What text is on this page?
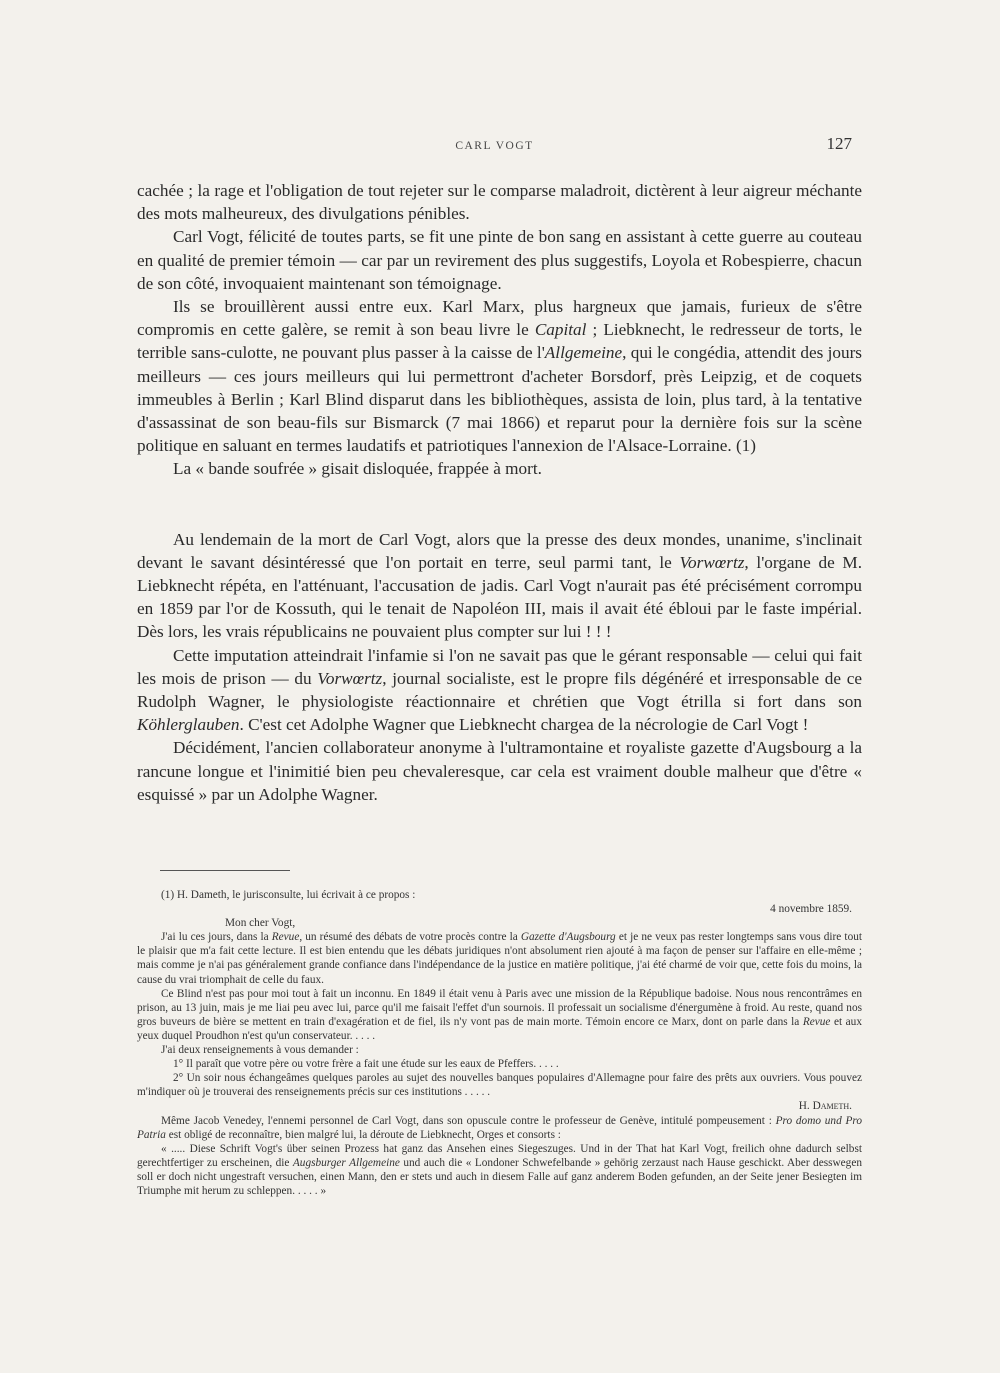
CARL VOGT	127

cachée ; la rage et l'obligation de tout rejeter sur le comparse maladroit, dictèrent à leur aigreur méchante des mots malheureux, des divulgations pénibles.

Carl Vogt, félicité de toutes parts, se fit une pinte de bon sang en assistant à cette guerre au couteau en qualité de premier témoin — car par un revirement des plus suggestifs, Loyola et Robespierre, chacun de son côté, invoquaient maintenant son témoignage.

Ils se brouillèrent aussi entre eux. Karl Marx, plus hargneux que jamais, furieux de s'être compromis en cette galère, se remit à son beau livre le Capital ; Liebknecht, le redresseur de torts, le terrible sans-culotte, ne pouvant plus passer à la caisse de l'Allgemeine, qui le congédia, attendit des jours meilleurs — ces jours meilleurs qui lui permettront d'acheter Borsdorf, près Leipzig, et de coquets immeubles à Berlin ; Karl Blind disparut dans les bibliothèques, assista de loin, plus tard, à la tentative d'assassinat de son beau-fils sur Bismarck (7 mai 1866) et reparut pour la dernière fois sur la scène politique en saluant en termes laudatifs et patriotiques l'annexion de l'Alsace-Lorraine. (1)

La « bande soufrée » gisait disloquée, frappée à mort.

Au lendemain de la mort de Carl Vogt, alors que la presse des deux mondes, unanime, s'inclinait devant le savant désintéressé que l'on portait en terre, seul parmi tant, le Vorwœrtz, l'organe de M. Liebknecht répéta, en l'atténuant, l'accusation de jadis. Carl Vogt n'aurait pas été précisément corrompu en 1859 par l'or de Kossuth, qui le tenait de Napoléon III, mais il avait été ébloui par le faste impérial. Dès lors, les vrais républicains ne pouvaient plus compter sur lui ! ! !

Cette imputation atteindrait l'infamie si l'on ne savait pas que le gérant responsable — celui qui fait les mois de prison — du Vorwœrtz, journal socialiste, est le propre fils dégénéré et irresponsable de ce Rudolph Wagner, le physiologiste réactionnaire et chrétien que Vogt étrilla si fort dans son Köhlerglauben. C'est cet Adolphe Wagner que Liebknecht chargea de la nécrologie de Carl Vogt !

Décidément, l'ancien collaborateur anonyme à l'ultramontaine et royaliste gazette d'Augsbourg a la rancune longue et l'inimitié bien peu chevaleresque, car cela est vraiment double malheur que d'être « esquissé » par un Adolphe Wagner.

(1) H. Dameth, le jurisconsulte, lui écrivait à ce propos :

4 novembre 1859.

Mon cher Vogt,

J'ai lu ces jours, dans la Revue, un résumé des débats de votre procès contre la Gazette d'Augsbourg et je ne veux pas rester longtemps sans vous dire tout le plaisir que m'a fait cette lecture. Il est bien entendu que les débats juridiques n'ont absolument rien ajouté à ma façon de penser sur l'affaire en elle-même ; mais comme je n'ai pas généralement grande confiance dans l'indépendance de la justice en matière politique, j'ai été charmé de voir que, cette fois du moins, la cause du vrai triomphait de celle du faux.

Ce Blind n'est pas pour moi tout à fait un inconnu. En 1849 il était venu à Paris avec une mission de la République badoise. Nous nous rencontrâmes en prison, au 13 juin, mais je me liai peu avec lui, parce qu'il me faisait l'effet d'un sournois. Il professait un socialisme d'énergumène à froid. Au reste, quand nos gros buveurs de bière se mettent en train d'exagération et de fiel, ils n'y vont pas de main morte. Témoin encore ce Marx, dont on parle dans la Revue et aux yeux duquel Proudhon n'est qu'un conservateur. . . . .

J'ai deux renseignements à vous demander :

1° Il paraît que votre père ou votre frère a fait une étude sur les eaux de Pfeffers. . . . .

2° Un soir nous échangeâmes quelques paroles au sujet des nouvelles banques populaires d'Allemagne pour faire des prêts aux ouvriers. Vous pouvez m'indiquer où je trouverai des renseignements précis sur ces institutions . . . . .

H. Dameth.

Même Jacob Venedey, l'ennemi personnel de Carl Vogt, dans son opuscule contre le professeur de Genève, intitulé pompeusement : Pro domo und Pro Patria est obligé de reconnaître, bien malgré lui, la déroute de Liebknecht, Orges et consorts :

« ..... Diese Schrift Vogt's über seinen Prozess hat ganz das Ansehen eines Siegeszuges. Und in der That hat Karl Vogt, freilich ohne dadurch selbst gerechtfertiger zu erscheinen, die Augsburger Allgemeine und auch die « Londoner Schwefelbande » gehörig zerzaust nach Hause geschickt. Aber desswegen soll er doch nicht ungestraft versuchen, einen Mann, den er stets und auch in diesem Falle auf ganz anderem Boden gefunden, an der Seite jener Besiegten im Triumphe mit herum zu schleppen. . . . . »
